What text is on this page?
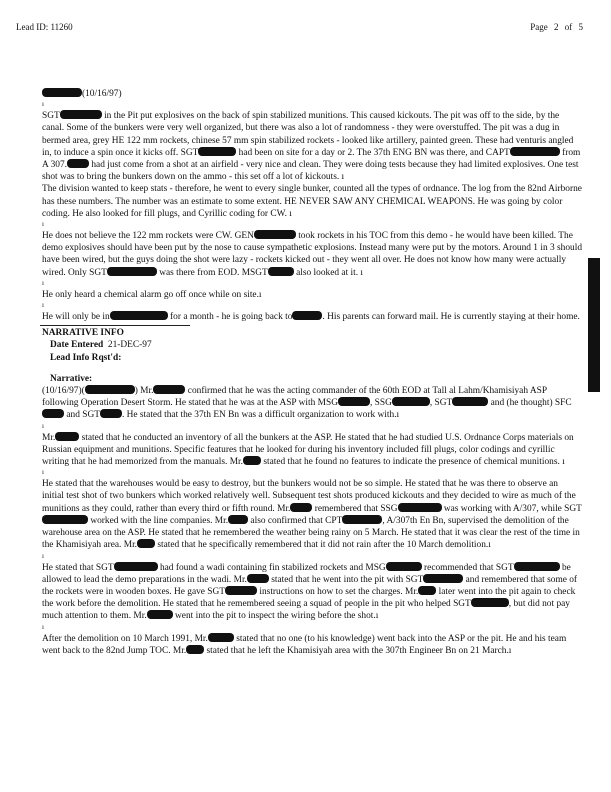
Lead ID: 11260	Page 2 of 5

(10/16/97)

ı

SGT	in the Pit put explosives on the back of spin stabilized munitions. This caused kickouts. The pit was off to the side, by the canal. Some of the bunkers were very well organized, but there was also a lot of randomness - they were overstuffed. The pit was a dug in bermed area, grey HE 122 mm rockets, chinese 57 mm spin stabilized rockets - looked like artillery, painted green. These had venturis angled in, to induce a spin once it kicks off. SGT	had been on site for a day or 2. The 37th ENG BN was there, and CAPT	from A 307. had just come from a shot at an airfield - very nice and clean. They were doing tests because they had limited explosives. One test shot was to bring the bunkers down on the ammo - this set off a lot of kickouts. ı

The division wanted to keep stats - therefore, he went to every single bunker, counted all the types of ordnance. The log from the 82nd Airborne has these numbers. The number was an estimate to some extent. HE NEVER SAW ANY CHEMICAL WEAPONS. He was going by color coding. He also looked for fill plugs, and Cyrillic coding for CW. ı

ı

He does not believe the 122 mm rockets were CW. GEN	took rockets in his TOC from this demo - he would have been killed. The demo explosives should have been put by the nose to cause sympathetic explosions. Instead many were put by the motors. Around 1 in 3 should have been wired, but the guys doing the shot were lazy - rockets kicked out - they went all over. He does not know how many were actually wired. Only SGT	was there from EOD. MSGT	also looked at it. ı

ı

He only heard a chemical alarm go off once while on site.ı

ı

He will only be in	for a month - he is going back to	. His parents can forward mail. He is currently staying at their home.

NARRATIVE INFO
Date Entered 21-DEC-97
Lead Info Rqst'd:
Narrative:

(10/16/97)(	) Mr.	confirmed that he was the acting commander of the 60th EOD at Tall al Lahm/Khamisiyah ASP following Operation Desert Storm. He stated that he was at the ASP with MSG	, SSG	, SGT	and (he thought) SFC and SGT . He stated that the 37th EN Bn was a difficult organization to work with.ı

ı

Mr.	stated that he conducted an inventory of all the bunkers at the ASP. He stated that he had studied U.S. Ordnance Corps materials on Russian equipment and munitions. Specific features that he looked for during his inventory included fill plugs, color codings and cyrillic writing that he had memorized from the manuals. Mr. stated that he found no features to indicate the presence of chemical munitions. ı

ı

He stated that the warehouses would be easy to destroy, but the bunkers would not be so simple. He stated that he was there to observe an initial test shot of two bunkers which worked relatively well. Subsequent test shots produced kickouts and they decided to wire as much of the munitions as they could, rather than every third or fifth round. Mr. remembered that SSG	was working with A/307, while SGT worked with the line companies. Mr. also confirmed that CPT	, A/307th En Bn, supervised the demolition of the warehouse area on the ASP. He stated that he remembered the weather being rainy on 5 March. He stated that it was clear the rest of the time in the Khamisiyah area. Mr. stated that he specifically remembered that it did not rain after the 10 March demolition.ı

ı

He stated that SGT	had found a wadi containing fin stabilized rockets and MSG	recommended that SGT	be allowed to lead the demo preparations in the wadi. Mr. stated that he went into the pit with SGT	and remembered that some of the rockets were in wooden boxes. He gave SGT	instructions on how to set the charges. Mr. later went into the pit again to check the work before the demolition. He stated that he remembered seeing a squad of people in the pit who helped SGT	, but did not pay much attention to them. Mr.	went into the pit to inspect the wiring before the shot.ı

ı

After the demolition on 10 March 1991, Mr.	stated that no one (to his knowledge) went back into the ASP or the pit. He and his team went back to the 82nd Jump TOC. Mr. stated that he left the Khamisiyah area with the 307th Engineer Bn on 21 March.ı
